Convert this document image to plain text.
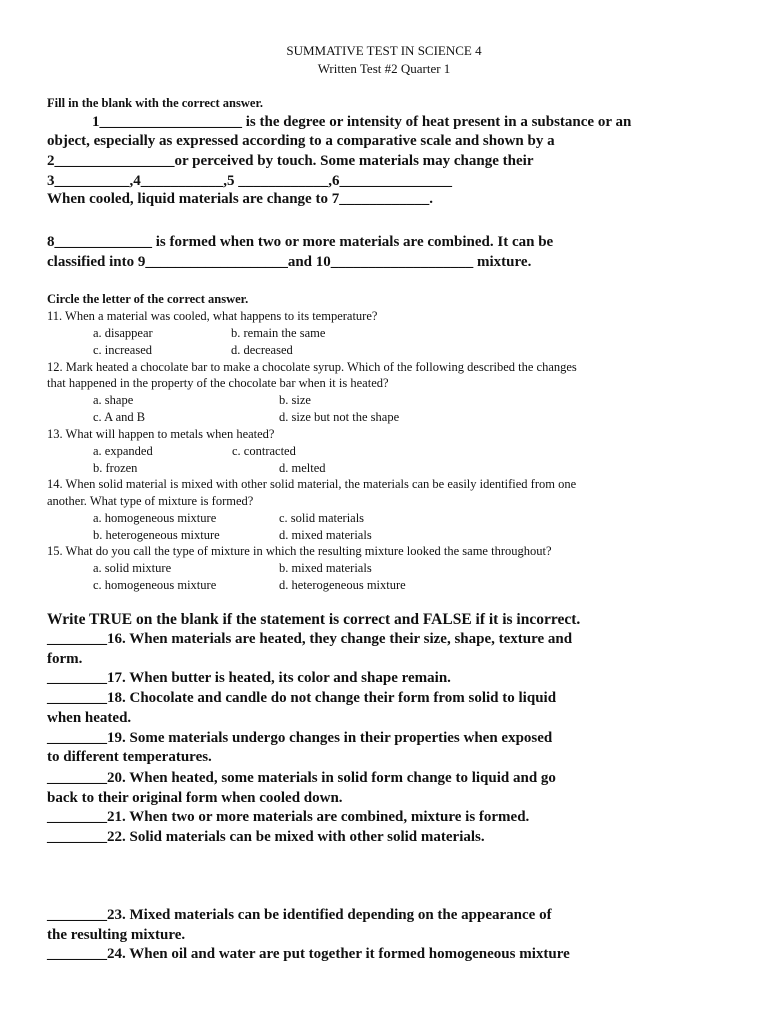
SUMMATIVE TEST IN SCIENCE 4
Written Test #2 Quarter 1
Fill in the blank with the correct answer.
1___________________ is the degree or intensity of heat present in a substance or an
object, especially as expressed according to a comparative scale and shown by a
2________________or perceived by touch. Some materials may change their
3__________,4___________,5 ____________,6_______________
When cooled, liquid materials are change to 7____________.
8_____________ is formed when two or more materials are combined. It can be
classified into 9___________________and 10___________________ mixture.
Circle the letter of the correct answer.
11. When a material was cooled, what happens to its temperature?
a. disappear	b. remain the same
c. increased	d. decreased
12. Mark heated a chocolate bar to make a chocolate syrup. Which of the following described the changes
that happened in the property of the chocolate bar when it is heated?
a. shape	b. size
c. A and B	d. size but not the shape
13. What will happen to metals when heated?
a. expanded	c. contracted
b. frozen	d. melted
14. When solid material is mixed with other solid material, the materials can be easily identified from one
another. What type of mixture is formed?
a. homogeneous mixture	c. solid materials
b. heterogeneous mixture	d. mixed materials
15. What do you call the type of mixture in which the resulting mixture looked the same throughout?
a. solid mixture	b. mixed materials
c. homogeneous mixture	d. heterogeneous mixture
Write TRUE on the blank if the statement is correct and FALSE if it is incorrect.
________16. When materials are heated, they change their size, shape, texture and
form.
________17. When butter is heated, its color and shape remain.
________18. Chocolate and candle do not change their form from solid to liquid
when heated.
________19. Some materials undergo changes in their properties when exposed
to different temperatures.
________20. When heated, some materials in solid form change to liquid and go
back to their original form when cooled down.
________21. When two or more materials are combined, mixture is formed.
________22. Solid materials can be mixed with other solid materials.
________23. Mixed materials can be identified depending on the appearance of
the resulting mixture.
________24. When oil and water are put together it formed homogeneous mixture
